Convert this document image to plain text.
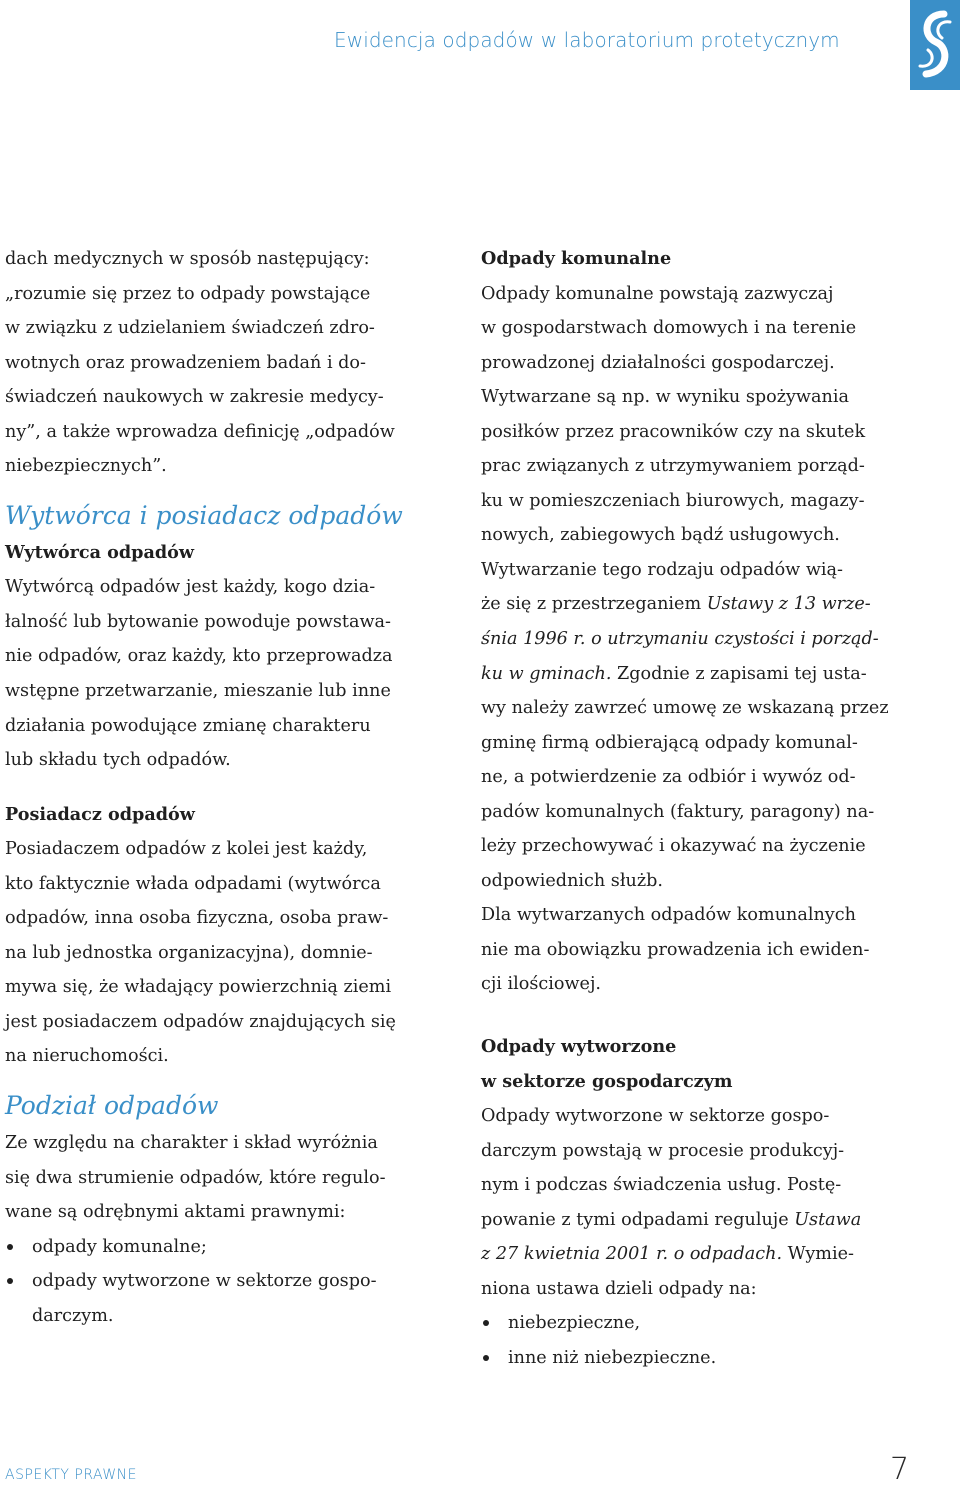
Ewidencja odpadów w laboratorium protetycznym
dach medycznych w sposób następujący:
„rozumie się przez to odpady powstające
w związku z udzielaniem świadczeń zdro-
wotnych oraz prowadzeniem badań i do-
świadczeń naukowych w zakresie medycy-
ny”, a także wprowadza definicję „odpadów
niebezpiecznych”.
Wytwórca i posiadacz odpadów
Wytwórca odpadów
Wytwórcą odpadów jest każdy, kogo dzia-
łalność lub bytowanie powoduje powstawa-
nie odpadów, oraz każdy, kto przeprowadza
wstępne przetwarzanie, mieszanie lub inne
działania powodujące zmianę charakteru
lub składu tych odpadów.
Posiadacz odpadów
Posiadaczem odpadów z kolei jest każdy,
kto faktycznie włada odpadami (wytwórca
odpadów, inna osoba fizyczna, osoba praw-
na lub jednostka organizacyjna), domnie-
mywa się, że władający powierzchnią ziemi
jest posiadaczem odpadów znajdujących się
na nieruchomości.
Podział odpadów
Ze względu na charakter i skład wyróżnia
się dwa strumienie odpadów, które regulo-
wane są odrębnymi aktami prawnymi:
odpady komunalne;
odpady wytworzone w sektorze gospo-
darczym.
Odpady komunalne
Odpady komunalne powstają zazwyczaj
w gospodarstwach domowych i na terenie
prowadzonej działalności gospodarczej.
Wytwarzane są np. w wyniku spożywania
posiłków przez pracowników czy na skutek
prac związanych z utrzymywaniem porząd-
ku w pomieszczeniach biurowych, magazy-
nowych, zabiegowych bądź usługowych.
Wytwarzanie tego rodzaju odpadów wią-
że się z przestrzeganiem Ustawy z 13 wrze-
śnia 1996 r. o utrzymaniu czystości i porząd-
ku w gminach. Zgodnie z zapisami tej usta-
wy należy zawrzeć umowę ze wskazaną przez
gminę firmą odbierającą odpady komunal-
ne, a potwierdzenie za odbiór i wywóz od-
padów komunalnych (faktury, paragony) na-
leży przechowywać i okazywać na życzenie
odpowiednich służb.
Dla wytwarzanych odpadów komunalnych
nie ma obowiązku prowadzenia ich ewiden-
cji ilościowej.
Odpady wytworzone
w sektorze gospodarczym
Odpady wytworzone w sektorze gospo-
darczym powstają w procesie produkcyj-
nym i podczas świadczenia usług. Postę-
powanie z tymi odpadami reguluje Ustawa
z 27 kwietnia 2001 r. o odpadach. Wymie-
niona ustawa dzieli odpady na:
niebezpieczne,
inne niż niebezpieczne.
ASPEKTY PRAWNE	7
